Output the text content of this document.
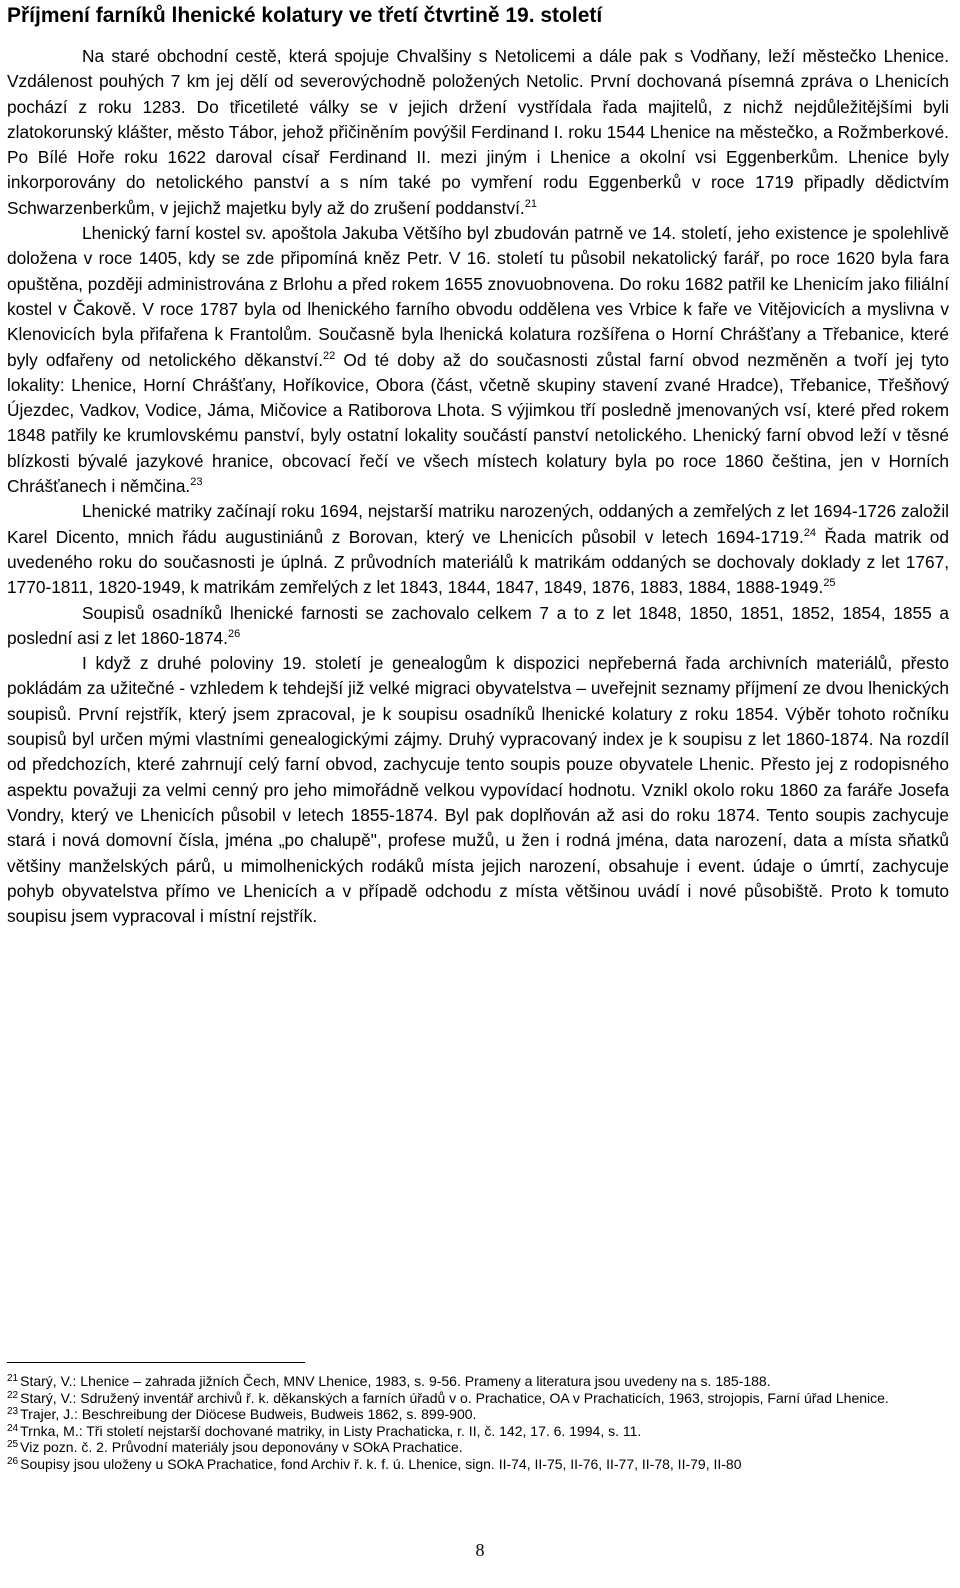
Příjmení farníků lhenické kolatury ve třetí čtvrtině 19. století

Na staré obchodní cestě, která spojuje Chvalšiny s Netolicemi a dále pak s Vodňany, leží městečko Lhenice. Vzdálenost pouhých 7 km jej dělí od severovýchodně položených Netolic. První dochovaná písemná zpráva o Lhenicích pochází z roku 1283. Do třicetileté války se v jejich držení vystřídala řada majitelů, z nichž nejdůležitějšími byli zlatokorunský klášter, město Tábor, jehož přičiněním povýšil Ferdinand I. roku 1544 Lhenice na městečko, a Rožmberkové. Po Bílé Hoře roku 1622 daroval císař Ferdinand II. mezi jiným i Lhenice a okolní vsi Eggenberkům. Lhenice byly inkorporovány do netolického panství a s ním také po vymření rodu Eggenberků v roce 1719 připadly dědictvím Schwarzenberkům, v jejichž majetku byly až do zrušení poddanství.$^{21}$

Lhenický farní kostel sv. apoštola Jakuba Většího byl zbudován patrně ve 14. století, jeho existence je spolehlivě doložena v roce 1405, kdy se zde připomíná kněz Petr. V 16. století tu působil nekatolický farář, po roce 1620 byla fara opuštěna, později administrována z Brlohu a před rokem 1655 znovuobnovena. Do roku 1682 patřil ke Lhenicím jako filiální kostel v Čakově. V roce 1787 byla od lhenického farního obvodu oddělena ves Vrbice k faře ve Vitějovicích a myslivna v Klenovicích byla přifařena k Frantolům. Současně byla lhenická kolatura rozšířena o Horní Chrášťany a Třebanice, které byly odfařeny od netolického děkanství.$^{22}$ Od té doby až do současnosti zůstal farní obvod nezměněn a tvoří jej tyto lokality: Lhenice, Horní Chrášťany, Hoříkovice, Obora (část, včetně skupiny stavení zvané Hradce), Třebanice, Třešňový Újezdec, Vadkov, Vodice, Jáma, Mičovice a Ratiborova Lhota. S výjimkou tří posledně jmenovaných vsí, které před rokem 1848 patřily ke krumlovskému panství, byly ostatní lokality součástí panství netolického. Lhenický farní obvod leží v těsné blízkosti bývalé jazykové hranice, obcovací řečí ve všech místech kolatury byla po roce 1860 čeština, jen v Horních Chrášťanech i němčina.$^{23}$

Lhenické matriky začínají roku 1694, nejstarší matriku narozených, oddaných a zemřelých z let 1694-1726 založil Karel Dicento, mnich řádu augustiniánů z Borovan, který ve Lhenicích působil v letech 1694-1719.24 Řada matrik od uvedeného roku do současnosti je úplná. Z průvodních materiálů k matrikám oddaných se dochovaly doklady z let 1767, 1770-1811, 1820-1949, k matrikám zemřelých z let 1843, 1844, 1847, 1849, 1876, 1883, 1884, 1888-1949.25

Soupisů osadníků lhenické farnosti se zachovalo celkem 7 a to z let 1848, 1850, 1851, 1852, 1854, 1855 a poslední asi z let 1860-1874.26

I když z druhé poloviny 19. století je genealogům k dispozici nepřeberná řada archivních materiálů, přesto pokládám za užitečné - vzhledem k tehdejší již velké migraci obyvatelstva – uveřejnit seznamy příjmení ze dvou lhenických soupisů. První rejstřík, který jsem zpracoval, je k soupisu osadníků lhenické kolatury z roku 1854. Výběr tohoto ročníku soupisů byl určen mými vlastními genealogickými zájmy. Druhý vypracovaný index je k soupisu z let 1860-1874. Na rozdíl od předchozích, které zahrnují celý farní obvod, zachycuje tento soupis pouze obyvatele Lhenic. Přesto jej z rodopisného aspektu považuji za velmi cenný pro jeho mimořádně velkou vypovídací hodnotu. Vznikl okolo roku 1860 za faráře Josefa Vondry, který ve Lhenicích působil v letech 1855-1874. Byl pak doplňován až asi do roku 1874. Tento soupis zachycuje stará i nová domovní čísla, jména „po chalupě", profese mužů, u žen i rodná jména, data narození, data a místa sňatků většiny manželských párů, u mimolhenických rodáků místa jejich narození, obsahuje i event. údaje o úmrtí, zachycuje pohyb obyvatelstva přímo ve Lhenicích a v případě odchodu z místa většinou uvádí i nové působiště. Proto k tomuto soupisu jsem vypracoval i místní rejstřík.

$^{21}$ Starý, V.: Lhenice – zahrada jižních Čech, MNV Lhenice, 1983, s. 9-56. Prameny a literatura jsou uvedeny na s. 185-188.
$^{22}$ Starý, V.: Sdružený inventář archivů ř. k. děkanských a farních úřadů v o. Prachatice, OA v Prachaticích, 1963, strojopis, Farní úřad Lhenice.
$^{23}$ Trajer, J.: Beschreibung der Diöcese Budweis, Budweis 1862, s. 899-900.
$^{24}$ Trnka, M.: Tři století nejstarší dochované matriky, in Listy Prachaticka, r. II, č. 142, 17. 6. 1994, s. 11.
$^{25}$ Viz pozn. č. 2. Průvodní materiály jsou deponovány v SOkA Prachatice.
$^{26}$ Soupisy jsou uloženy u SOkA Prachatice, fond Archiv ř. k. f. ú. Lhenice, sign. II-74, II-75, II-76, II-77, II-78, II-79, II-80
8
